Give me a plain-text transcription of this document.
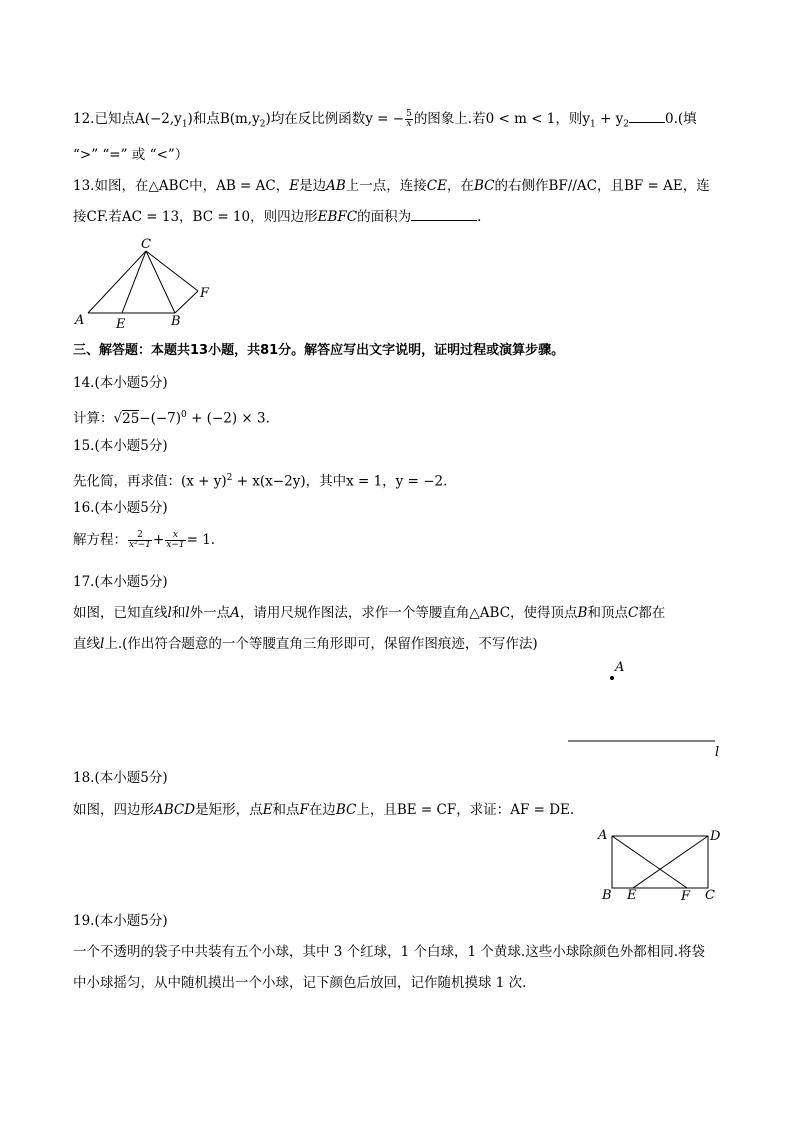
12.已知点$A(-2,y_1)$和点$B(m,y_2)$均在反比例函数y = − $\frac{5}{x}$ 的图象上.若0 < m < 1，则$y_1 + y_2$	0.(填
“>” “=” 或 “<”）
13.如图，在△ABC中，AB = AC，E是边AB上一点，连接CE，在BC的右侧作BF//AC，且BF = AE，连
接CF.若AC = 13，BC = 10，则四边形EBFC的面积为	.
C
F
A E	B
三、解答题：本题共13小题，共81分。解答应写出文字说明，证明过程或演算步骤。
14.(本小题5分)
计算：$√25-(-7)^0 + (-2) \times 3$.
15.(本小题5分)
先化简，再求值：$(x + y)^2 + x(x-2y)$，其中x = 1，y = −2.
16.(本小题5分)
解方程： $\frac{2}{\text{x²−1}} + \frac{x}{x-1} = 1$.
17.(本小题5分)
如图，已知直线l和l外一点A，请用尺规作图法，求作一个等腰直角△ABC，使得顶点B和顶点C都在
直线l上.(作出符合题意的一个等腰直角三角形即可，保留作图痕迹，不写作法)
A
l
18.(本小题5分)
如图，四边形ABCD是矩形，点E和点F在边BC上，且BE = CF，求证：AF = DE.
A	D
B E	F C
19.(本小题5分)
一个不透明的袋子中共装有五个小球，其中 3 个红球，1 个白球，1 个黄球.这些小球除颜色外都相同.将袋
中小球摇匀，从中随机摸出一个小球，记下颜色后放回，记作随机摸球 1 次.
